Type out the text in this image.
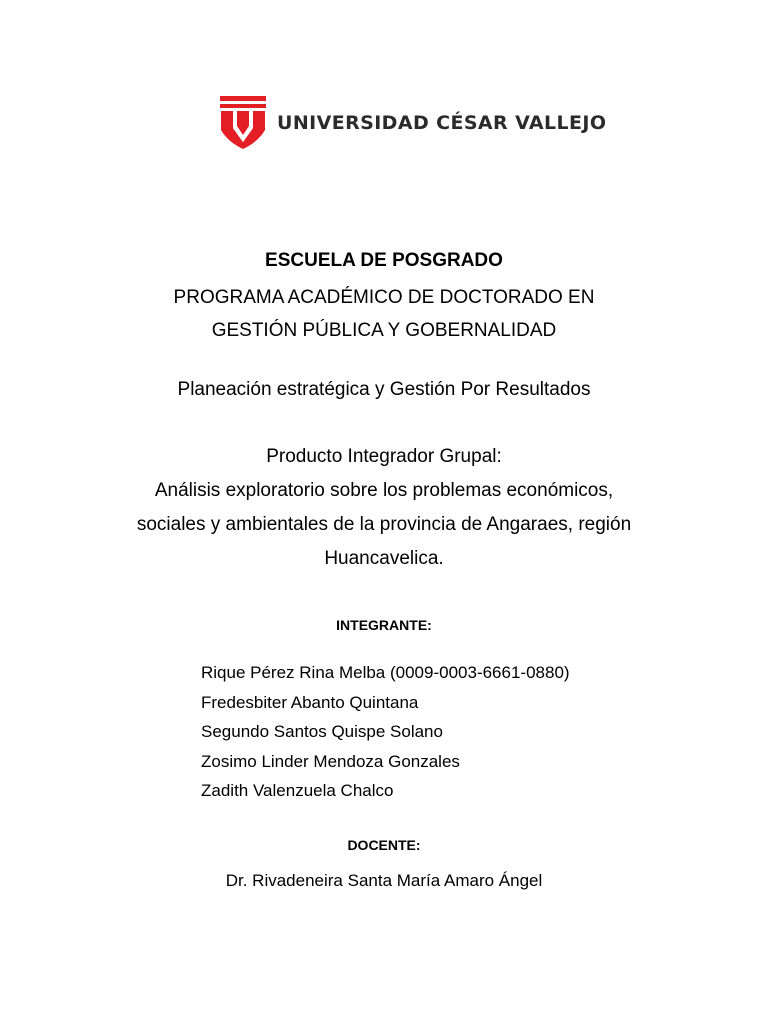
UNIVERSIDAD CÉSAR VALLEJO
ESCUELA DE POSGRADO
PROGRAMA ACADÉMICO DE DOCTORADO EN
GESTIÓN PÚBLICA Y GOBERNALIDAD
Planeación estratégica y Gestión Por Resultados
Producto Integrador Grupal:
Análisis exploratorio sobre los problemas económicos,
sociales y ambientales de la provincia de Angaraes, región
Huancavelica.
INTEGRANTE:
Rique Pérez Rina Melba (0009-0003-6661-0880)
Fredesbiter Abanto Quintana
Segundo Santos Quispe Solano
Zosimo Linder Mendoza Gonzales
Zadith Valenzuela Chalco
DOCENTE:
Dr. Rivadeneira Santa María Amaro Ángel
